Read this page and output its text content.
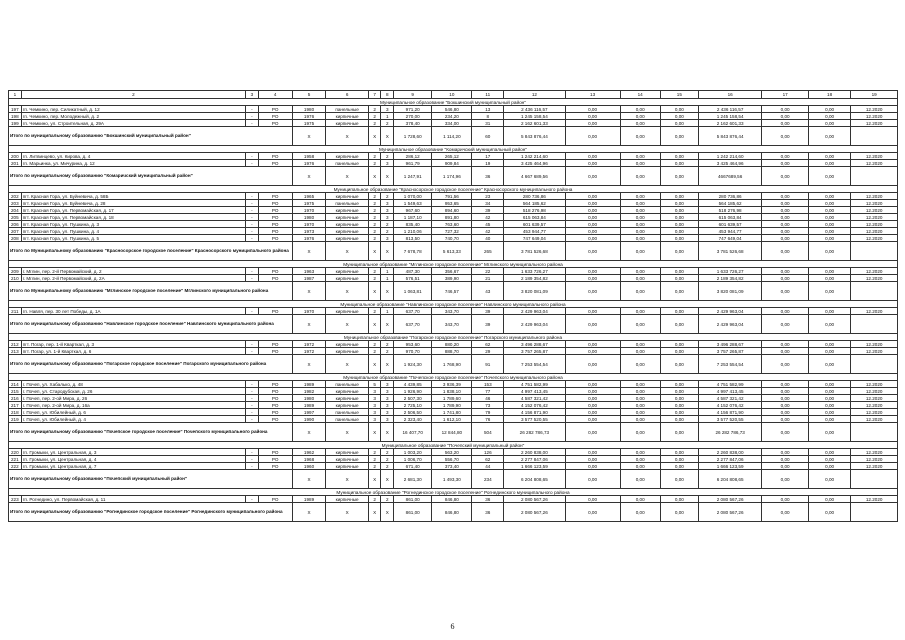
1	2	3	4	5	6	7	8	9	10	11	12	13	14	15	16	17	18	19
Муниципальное образование "Бокшинский муниципальный район"																		
197	гп. Чемкино, пер. Силикатный, д. 12	-	РО	1980	панельные	2	3	971,20	546,80	13	2 436 116,57	0,00	0,00	0,00	2 436 116,57	0,00	0,00	12.2020
198	гп. Чемкино, пер. Молодежный, д. 2	-	РО	1976	кирпичные	2	1	270,00	234,20	8	1 245 158,54	0,00	0,00	0,00	1 245 158,54	0,00	0,00	12.2020
199	гп. Чемкино, ул. Строительная, д. 29А	-	РО	1975	кирпичные	2	2	378,40	334,00	31	2 162 601,33	0,00	0,00	0,00	2 162 601,33	0,00	0,00	12.2020
Итого по муниципальному образованию "Бокшинский муниципальный район"				X	X	X	X	1 728,60	1 114,20	60	5 843 876,44	0,00	0,00	0,00	5 843 876,44	0,00	0,00	
Муниципальное образование "Комаричский муниципальный район"																		
200	гп. Литвинцево, ул. Кирова, д. 4	-	РО	1958	кирпичные	2	2	286,12	265,12	17	1 242 214,60	0,00	0,00	0,00	1 242 214,60	0,00	0,00	12.2020
201	гп. Марьинка, ул. Мичурина, д. 12	-	РО	1976	панельные	2	3	961,79	909,84	19	3 425 464,96	0,00	0,00	0,00	3 425 464,96	0,00	0,00	12.2020
Итого по муниципальному образованию "Комаричский муниципальный район"				X	X	X	X	1 247,91	1 174,96	36	4 667 689,56	0,00	0,00	0,00	4667689,56	0,00	0,00	
Муниципальное образование "Красносорское городское поселение" Красносорского муниципального района																		
202	пгт. Красная Гора, ул. Буйневича, д. 58Б	-	РО	1965	кирпичные	2	2	1 070,00	791,56	23	280 736,86	0,00	0,00	0,00	280 736,86	0,00	0,00	12.2020
203	пгт. Красная Гора, ул. Буйневича, д. 28	-	РО	1975	панельные	2	3	1 549,63	953,65	34	564 185,62	0,00	0,00	0,00	564 185,62	0,00	0,00	12.2020
204	пгт. Красная Гора, ул. Первомайская, д. 17	-	РО	1970	кирпичные	2	3	967,60	894,60	39	518 276,98	0,00	0,00	0,00	518 276,98	0,00	0,00	12.2020
205	пгт. Красная Гора, ул. Первомайская, д. 18	-	РО	1980	кирпичные	2	3	1 187,10	891,80	42	615 063,84	0,00	0,00	0,00	615 063,84	0,00	0,00	12.2020
206	пгт. Красная Гора, ул. Пушкина, д. 3	-	РО	1970	кирпичные	2	2	835,40	763,60	45	601 639,57	0,00	0,00	0,00	601 639,57	0,00	0,00	12.2020
207	пгт. Красная Гора, ул. Пушкина, д. 4	-	РО	1973	кирпичные	2	2	1 210,06	727,32	42	453 944,77	0,00	0,00	0,00	453 944,77	0,00	0,00	12.2020
208	пгт. Красная Гора, ул. Пушкина, д. 5	-	РО	1976	кирпичные	2	3	813,50	740,70	40	747 649,04	0,00	0,00	0,00	747 649,04	0,00	0,00	12.2020
Итого по Муниципальному образованию "Красносорское городское поселение" Красносорского муниципального района				X	X	X	X	7 678,78	5 613,33	265	3 781 526,68	0,00	0,00	0,00	3 781 526,68	0,00	0,00	
Муниципальное образование "Мглинское городское поселение" Мглинского муниципального района																		
209	г. Мглин, пер. 2-й Первомайский, д. 2	-	РО	1963	кирпичные	2	1	487,30	356,67	22	1 633 726,27	0,00	0,00	0,00	1 633 726,27	0,00	0,00	12.2020
210	г. Мглин, пер. 2-й Первомайский, д. 2А	-	РО	1987	кирпичные	2	1	576,51	389,90	21	2 189 354,82	0,00	0,00	0,00	2 189 354,82	0,00	0,00	12.2020
Итого по Муниципальному образованию "Мглинское городское поселение" Мглинского муниципального района				X	X	X	X	1 063,81	746,57	43	3 820 081,09	0,00	0,00	0,00	3 820 081,09	0,00	0,00	
Муниципальное образование "Навлинское городское поселение" Навлинского муниципального района																		
211	гп. Навля, пер. 30 лет Победы, д. 1А	-	РО	1970	кирпичные	2	1	637,70	343,70	39	2 429 963,04	0,00	0,00	0,00	2 429 963,04	0,00	0,00	12.2020
Итого по муниципальному образованию "Навлинское городское поселение" Навлинского муниципального района				X	X	X	X	637,70	343,70	39	2 429 963,04	0,00	0,00	0,00	2 429 963,04	0,00	0,00	
Муниципальное образование "Погарское городское поселение" Погарского муниципального района																		
212	пгт. Погар, пер. 1-й Кварткал, д. 3	-	РО	1972	кирпичные	2	2	953,60	880,20	62	3 496 288,67	0,00	0,00	0,00	3 496 288,67	0,00	0,00	12.2020
213	пгт. Погар, ул. 1-й Кварткал, д. 6	-	РО	1972	кирпичные	2	2	970,70	888,70	29	3 757 265,87	0,00	0,00	0,00	3 757 265,87	0,00	0,00	12.2020
Итого по муниципальному образованию "Погарское городское поселение" Погарского муниципального района				X	X	X	X	1 924,30	1 768,90	91	7 253 554,54	0,00	0,00	0,00	7 253 554,54	0,00	0,00	
Муниципальное образование "Почепское городское поселение" Почепского муниципального района																		
214	г. Почеп, ул. Хабалько, д. 48	-	РО	1989	панельные	5	3	4 439,85	3 936,39	153	4 751 582,99	0,00	0,00	0,00	4 751 582,99	0,00	0,00	12.2020
215	г. Почеп, ул. Стародубская, д. 26	-	РО	1982	кирпичные	3	3	1 926,90	1 838,10	77	4 997 413,45	0,00	0,00	0,00	4 997 413,45	0,00	0,00	12.2020
216	г. Почеп, пер. 2-ой Мира, д. 26	-	РО	1980	кирпичные	3	3	2 507,30	1 789,60	46	4 587 321,42	0,00	0,00	0,00	4 587 321,42	0,00	0,00	12.2020
217	г. Почеп, пер. 2-ой Мира, д. 16а	-	РО	1989	кирпичные	3	3	2 725,10	1 789,90	73	4 152 076,42	0,00	0,00	0,00	4 152 076,42	0,00	0,00	12.2020
218	г. Почеп, ул. Юбилейный, д. 6	-	РО	1997	панельные	3	3	2 506,50	1 741,80	79	4 156 871,90	0,00	0,00	0,00	4 156 871,90	0,00	0,00	12.2020
219	г. Почеп, ул. Юбилейный, д. 4	-	РО	1990	панельные	3	3	2 323,40	1 612,10	76	3 577 520,55	0,00	0,00	0,00	3 577 520,55	0,00	0,00	12.2020
Итого по муниципальному образованию "Почепское городское поселение" Почепского муниципального района				X	X	X	X	16 407,70	12 844,80	504	26 282 786,73	0,00	0,00	0,00	26 282 786,73	0,00	0,00	
Муниципальное образование "Почепский муниципальный район"																		
220	гп. Громыки, ул. Центральная, д. 3	-	РО	1962	кирпичные	2	2	1 003,20	563,20	126	2 260 838,00	0,00	0,00	0,00	2 260 838,00	0,00	0,00	12.2020
221	гп. Громыки, ул. Центральная, д. 4	-	РО	1968	кирпичные	2	2	1 006,70	556,70	62	2 277 847,06	0,00	0,00	0,00	2 277 847,06	0,00	0,00	12.2020
222	гп. Громыки, ул. Центральная, д. 7	-	РО	1960	кирпичные	2	2	671,40	373,40	44	1 666 123,59	0,00	0,00	0,00	1 666 123,59	0,00	0,00	12.2020
Итого по муниципальному образованию "Почепский муниципальный район"				X	X	X	X	2 681,30	1 493,30	234	6 204 808,65	0,00	0,00	0,00	6 204 808,65	0,00	0,00	
Муниципальное образование "Рогнединское городское поселение" Рогнединского муниципального района																		
223	гп. Рогнедино, ул. Первомайская, д. 11	-	РО	1989	кирпичные	2	2	861,00	846,80	36	2 080 567,26	0,00	0,00	0,00	2 080 567,26	0,00	0,00	12.2020
Итого по муниципальному образованию "Рогнединское городское поселение" Рогнединского муниципального района				X	X	X	X	861,00	846,80	36	2 080 567,26	0,00	0,00	0,00	2 080 567,26	0,00	0,00	
6
